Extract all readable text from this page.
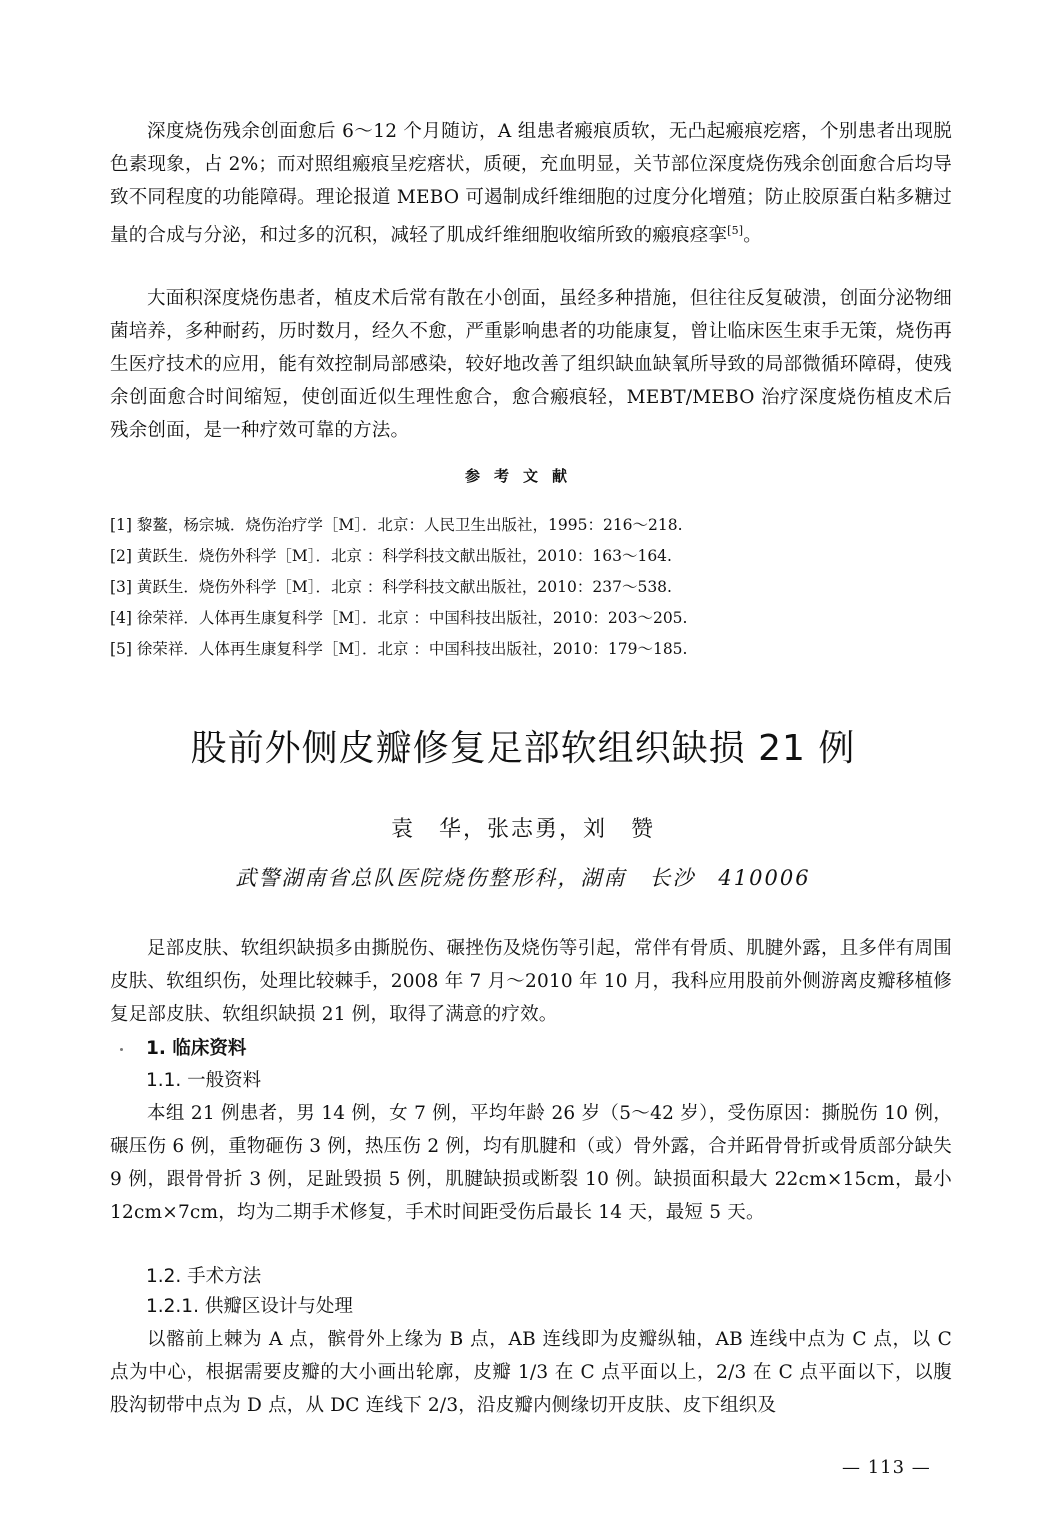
深度烧伤残余创面愈后 6～12 个月随访，A 组患者瘢痕质软，无凸起瘢痕疙瘩，个别患者出现脱色素现象，占 2%；而对照组瘢痕呈疙瘩状，质硬，充血明显，关节部位深度烧伤残余创面愈合后均导致不同程度的功能障碍。理论报道 MEBO 可遏制成纤维细胞的过度分化增殖；防止胶原蛋白粘多糖过量的合成与分泌，和过多的沉积，减轻了肌成纤维细胞收缩所致的瘢痕痉挛[5]。

大面积深度烧伤患者，植皮术后常有散在小创面，虽经多种措施，但往往反复破溃，创面分泌物细菌培养，多种耐药，历时数月，经久不愈，严重影响患者的功能康复，曾让临床医生束手无策，烧伤再生医疗技术的应用，能有效控制局部感染，较好地改善了组织缺血缺氧所导致的局部微循环障碍，使残余创面愈合时间缩短，使创面近似生理性愈合，愈合瘢痕轻，MEBT/MEBO 治疗深度烧伤植皮术后残余创面，是一种疗效可靠的方法。

参考文献

[1] 黎鳌，杨宗城．烧伤治疗学［M］．北京：人民卫生出版社，1995：216～218.
[2] 黄跃生．烧伤外科学［M］．北京 ：科学科技文献出版社，2010：163～164.
[3] 黄跃生．烧伤外科学［M］．北京 ：科学科技文献出版社，2010：237～538.
[4] 徐荣祥．人体再生康复科学［M］．北京 ：中国科技出版社，2010：203～205.
[5] 徐荣祥．人体再生康复科学［M］．北京 ：中国科技出版社，2010：179～185.
股前外侧皮瓣修复足部软组织缺损 21 例

袁　华，张志勇，刘　赞

武警湖南省总队医院烧伤整形科，湖南　长沙　410006

足部皮肤、软组织缺损多由撕脱伤、碾挫伤及烧伤等引起，常伴有骨质、肌腱外露，且多伴有周围皮肤、软组织伤，处理比较棘手，2008 年 7 月～2010 年 10 月，我科应用股前外侧游离皮瓣移植修复足部皮肤、软组织缺损 21 例，取得了满意的疗效。

1. 临床资料

1.1. 一般资料

本组 21 例患者，男 14 例，女 7 例，平均年龄 26 岁（5～42 岁），受伤原因：撕脱伤 10 例，碾压伤 6 例，重物砸伤 3 例，热压伤 2 例，均有肌腱和（或）骨外露，合并跖骨骨折或骨质部分缺失 9 例，跟骨骨折 3 例，足趾毁损 5 例，肌腱缺损或断裂 10 例。缺损面积最大 22cm×15cm，最小 12cm×7cm，均为二期手术修复，手术时间距受伤后最长 14 天，最短 5 天。

1.2. 手术方法

1.2.1. 供瓣区设计与处理

以髂前上棘为 A 点，髌骨外上缘为 B 点，AB 连线即为皮瓣纵轴，AB 连线中点为 C 点，以 C 点为中心，根据需要皮瓣的大小画出轮廓，皮瓣 1/3 在 C 点平面以上，2/3 在 C 点平面以下，以腹股沟韧带中点为 D 点，从 DC 连线下 2/3，沿皮瓣内侧缘切开皮肤、皮下组织及

— 113 —
